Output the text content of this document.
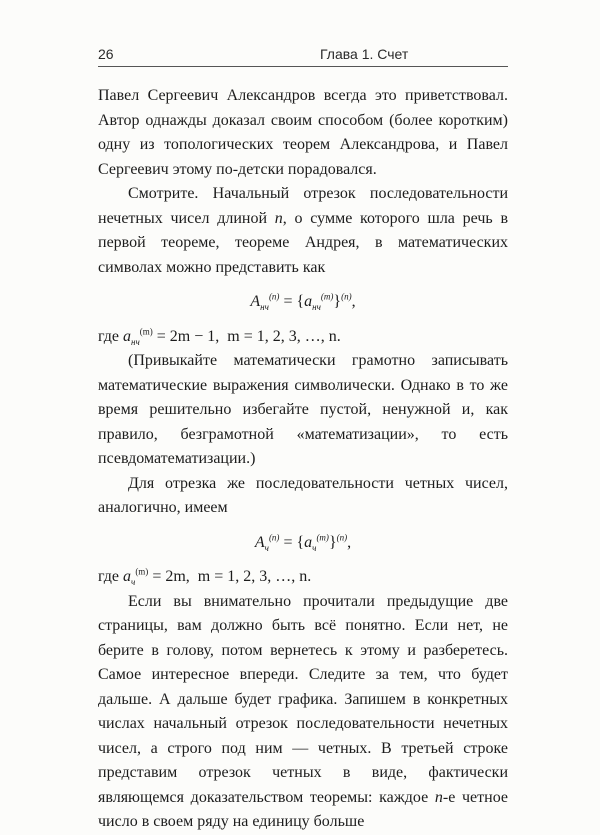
26	Глава 1. Счет

Павел Сергеевич Александров всегда это приветствовал. Автор однажды доказал своим способом (более коротким) одну из топологических теорем Александрова, и Павел Сергеевич этому по-детски порадовался.

Смотрите. Начальный отрезок последовательности нечетных чисел длиной n, о сумме которого шла речь в первой теореме, теореме Андрея, в математических символах можно представить как

$A_{нч}^{(n)} = \{a_{нч}^{(m)}\}^{(n)}$,

где $a_{нч}^{(m)} = 2m - 1$, m = 1, 2, 3, …, n.

(Привыкайте математически грамотно записывать математические выражения символически. Однако в то же время решительно избегайте пустой, ненужной и, как правило, безграмотной «математизации», то есть псевдоматематизации.)

Для отрезка же последовательности четных чисел, аналогично, имеем

$A_ч^{(n)} = \{a_ч^{(m)}\}^{(n)}$,

где $a_ч^{(m)} = 2m$, m = 1, 2, 3, …, n.

Если вы внимательно прочитали предыдущие две страницы, вам должно быть всё понятно. Если нет, не берите в голову, потом вернетесь к этому и разберетесь. Самое интересное впереди. Следите за тем, что будет дальше. А дальше будет графика. Запишем в конкретных числах начальный отрезок последовательности нечетных чисел, а строго под ним — четных. В третьей строке представим отрезок четных в виде, фактически являющемся доказательством теоремы: каждое n-е четное число в своем ряду на единицу больше
